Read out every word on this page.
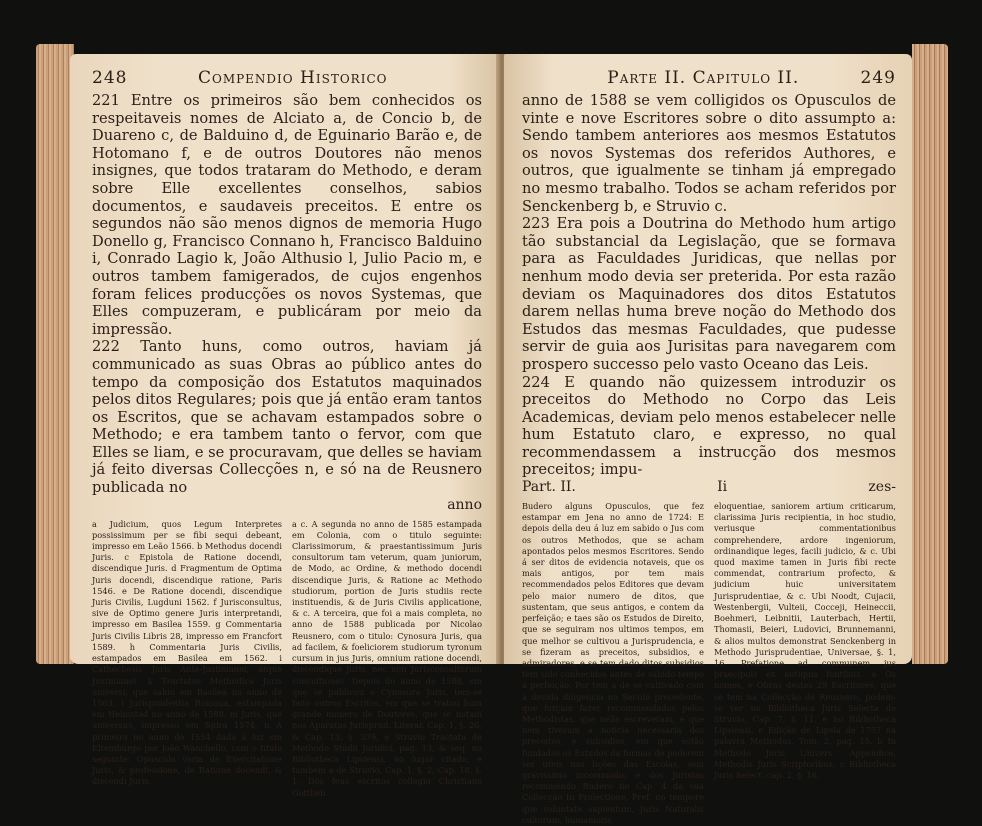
248	Compendio Historico

221 Entre os primeiros são bem conhecidos os respeitaveis nomes de Alciato a, de Concio b, de Duareno c, de Balduino d, de Eguinario Barão e, de Hotomano f, e de outros Doutores não menos insignes, que todos trataram do Methodo, e deram sobre Elle excellentes conselhos, sabios documentos, e saudaveis preceitos. E entre os segundos não são menos dignos de memoria Hugo Donello g, Francisco Connano h, Francisco Balduino i, Conrado Lagio k, João Althusio l, Julio Pacio m, e outros tambem famigerados, de cujos engenhos foram felices producções os novos Systemas, que Elles compuzeram, e publicáram por meio da impressão.

222 Tanto huns, como outros, haviam já communicado as suas Obras ao público antes do tempo da composição dos Estatutos maquinados pelos ditos Regulares; pois que já então eram tantos os Escritos, que se achavam estampados sobre o Methodo; e era tambem tanto o fervor, com que Elles se liam, e se procuravam, que delles se haviam já feito diversas Collecções n, e só na de Reusnero publicada no

anno

a Judicium, quos Legum Interpretes possissimum per se fibi sequi debeant, impresso em Leão 1566. b Methodus docendi Juris. c Epistola de Ratione docendi, discendique Juris. d Fragmentum de Optima Juris docendi, discendique ratione, Paris 1546. e De Ratione docendi, discendique Juris Civilis, Lugduni 1562. f Jurisconsultus, sive de Optimo genere Juris interpretandi, impresso em Basilea 1559. g Commentaria Juris Civilis Libris 28, impresso em Francfort 1589. h Commentaria Juris Civilis, estampados em Basilea em 1562. i Cathechesis Juris Ante-Justinianei, atque Justinianei. k Tractatus Methodica Juris universi, que sahio em Basilea no anno de 1563. l Jurisprudentia Romana, estampada em Helmstad no anno de 1588. m Juris, que universus, impresso em Spira 1574. n A primeira no anno de 1554 dada á luz em Eltemburgo por João Wanchello, com o titulo seguinte: Opuscula varia de Exercitatione Juris, & professione, de Ratione docendi, & discendi Juris.

a c. A segunda no anno de 1585 estampada em Colonia, com o titulo seguinte: Clarissimorum, & praestantissimum Juris consultorum tam veterum, quam juniorum, de Modo, ac Ordine, & methodo docendi discendique Juris, & Ratione ac Methodo studiorum, portion de Juris studiis recte instituendis, & de Juris Civilis applicatione, & c. A terceira, que foi a mais completa, no anno de 1588 publicada por Nicolao Reusnero, com o titulo: Cynosura Juris, qua ad facilem, & foeliciorem studiorum tyronum cursum in jus Juris, omnium ratione docendi, discendique Juris, nec non Jurisconsultorum consultiones. Depois do anno de 1588, em que se publicou o Cynosura Juris, tem-se feito outros Escritos, em que se tratou hum grande numero de Doutores, que se notam nos Aparatus Jurisprud. Literar. Cap. 1, §. 26, & Cap. 13, §. 379, e Struvio Tractatu de Methodo Studii Juridici, pag. 13, & seq. no Bibliotheca Lipsiensi, no lugar citado, e tambem a de Struvio, Cap. 1, §. 2, Cap. 18, §. 1. Dos feus escritos collegio Christiano Gottlieb

Parte II. Capitulo II.	249

anno de 1588 se vem colligidos os Opusculos de vinte e nove Escritores sobre o dito assumpto a: Sendo tambem anteriores aos mesmos Estatutos os novos Systemas dos referidos Authores, e outros, que igualmente se tinham já empregado no mesmo trabalho. Todos se acham referidos por Senckenberg b, e Struvio c.

223 Era pois a Doutrina do Methodo hum artigo tão substancial da Legislação, que se formava para as Faculdades Juridicas, que nellas por nenhum modo devia ser preterida. Por esta razão deviam os Maquinadores dos ditos Estatutos darem nellas huma breve noção do Methodo dos Estudos das mesmas Faculdades, que pudesse servir de guia aos Jurisitas para navegarem com prospero successo pelo vasto Oceano das Leis.

224 E quando não quizessem introduzir os preceitos do Methodo no Corpo das Leis Academicas, deviam pelo menos estabelecer nelle hum Estatuto claro, e expresso, no qual recommendassem a instrucção dos mesmos preceitos; impu-

Part. II.	Ii	zes-

Budero alguns Opusculos, que fez estampar em Jena no anno de 1724: E depois della deu á luz em sabido o Jus com os outros Methodos, que se acham apontados pelos mesmos Escritores. Sendo á ser ditos de evidencia notaveis, que os mais antigos, por tem mais recommendados pelos Editores que devam pelo maior numero de ditos, que sustentam, que seus antigos, e contem da perfeição; e taes são os Estudos de Direito, que se seguiram nos ultimos tempos, em que melhor se cultivou a Jurisprudencia, e se fizeram as preceitos, subsidios, e admiradores, e se tem dado ditos subsidios tem sido conhecidos antes de sabido tempo á perfeição. Por tem a de se cultivado com a devida diligencia no Seculo precedente, que forçam fazer recommendados pelos Methodistas, que nelle escreveram, e que nem tiveram a noticia necessaria dos preceitos, e subsidios, em que estão fundados os Estudos da formas de poderem ser uteis nas lições das Escolas, sem gravissimo incommodo; e dos Juristas recommendo Budero no Cap. 4 da sua Collecção In Prolectione, Pref. no tempore que voluntate sapientum, Juris Naturalis cultorum, humanioris

eloquentiae, saniorem artium criticarum, clarissima Juris recipientia, in hoc studio, veriusque commentationibus comprehendere, ardore ingeniorum, ordinandique leges, facili judicio, & c. Ubi quod maxime tamen in Juris fibi recte commendat, contrarium profecto, & judicium huic universitatem Jurisprudentiae, & c. Ubi Noodt, Cujacii, Westenbergii, Vulteii, Cocceji, Heineccii, Boehmeri, Leibnitii, Lauterbach, Hertii, Thomasii, Beieri, Ludovici, Brunnemanni, & alios multos demonstrat Senckenberg in Methodo Jurisprudentiae, Universae, §. 1, 16. Prefatione ad communem jus praecipuis ex antiquis fontibus. a Os nomes, e Obras destes 29 Escritores, que se tem na Collecção de Reusnero, podem-se ver no Bibliotheca Juris Selecta de Struvio, Cap. 7, §. 11, e no Bibliotheca Lipsiensi, e Edição de Lipsia de 1757 na palavra Methodus, Tom. 2, pag. 15. b In Methodo Juris Univers. Appendice, Methodis Juris Scriptoribus. c Bibliotheca Juris Select. cap. 2, §. 16.
